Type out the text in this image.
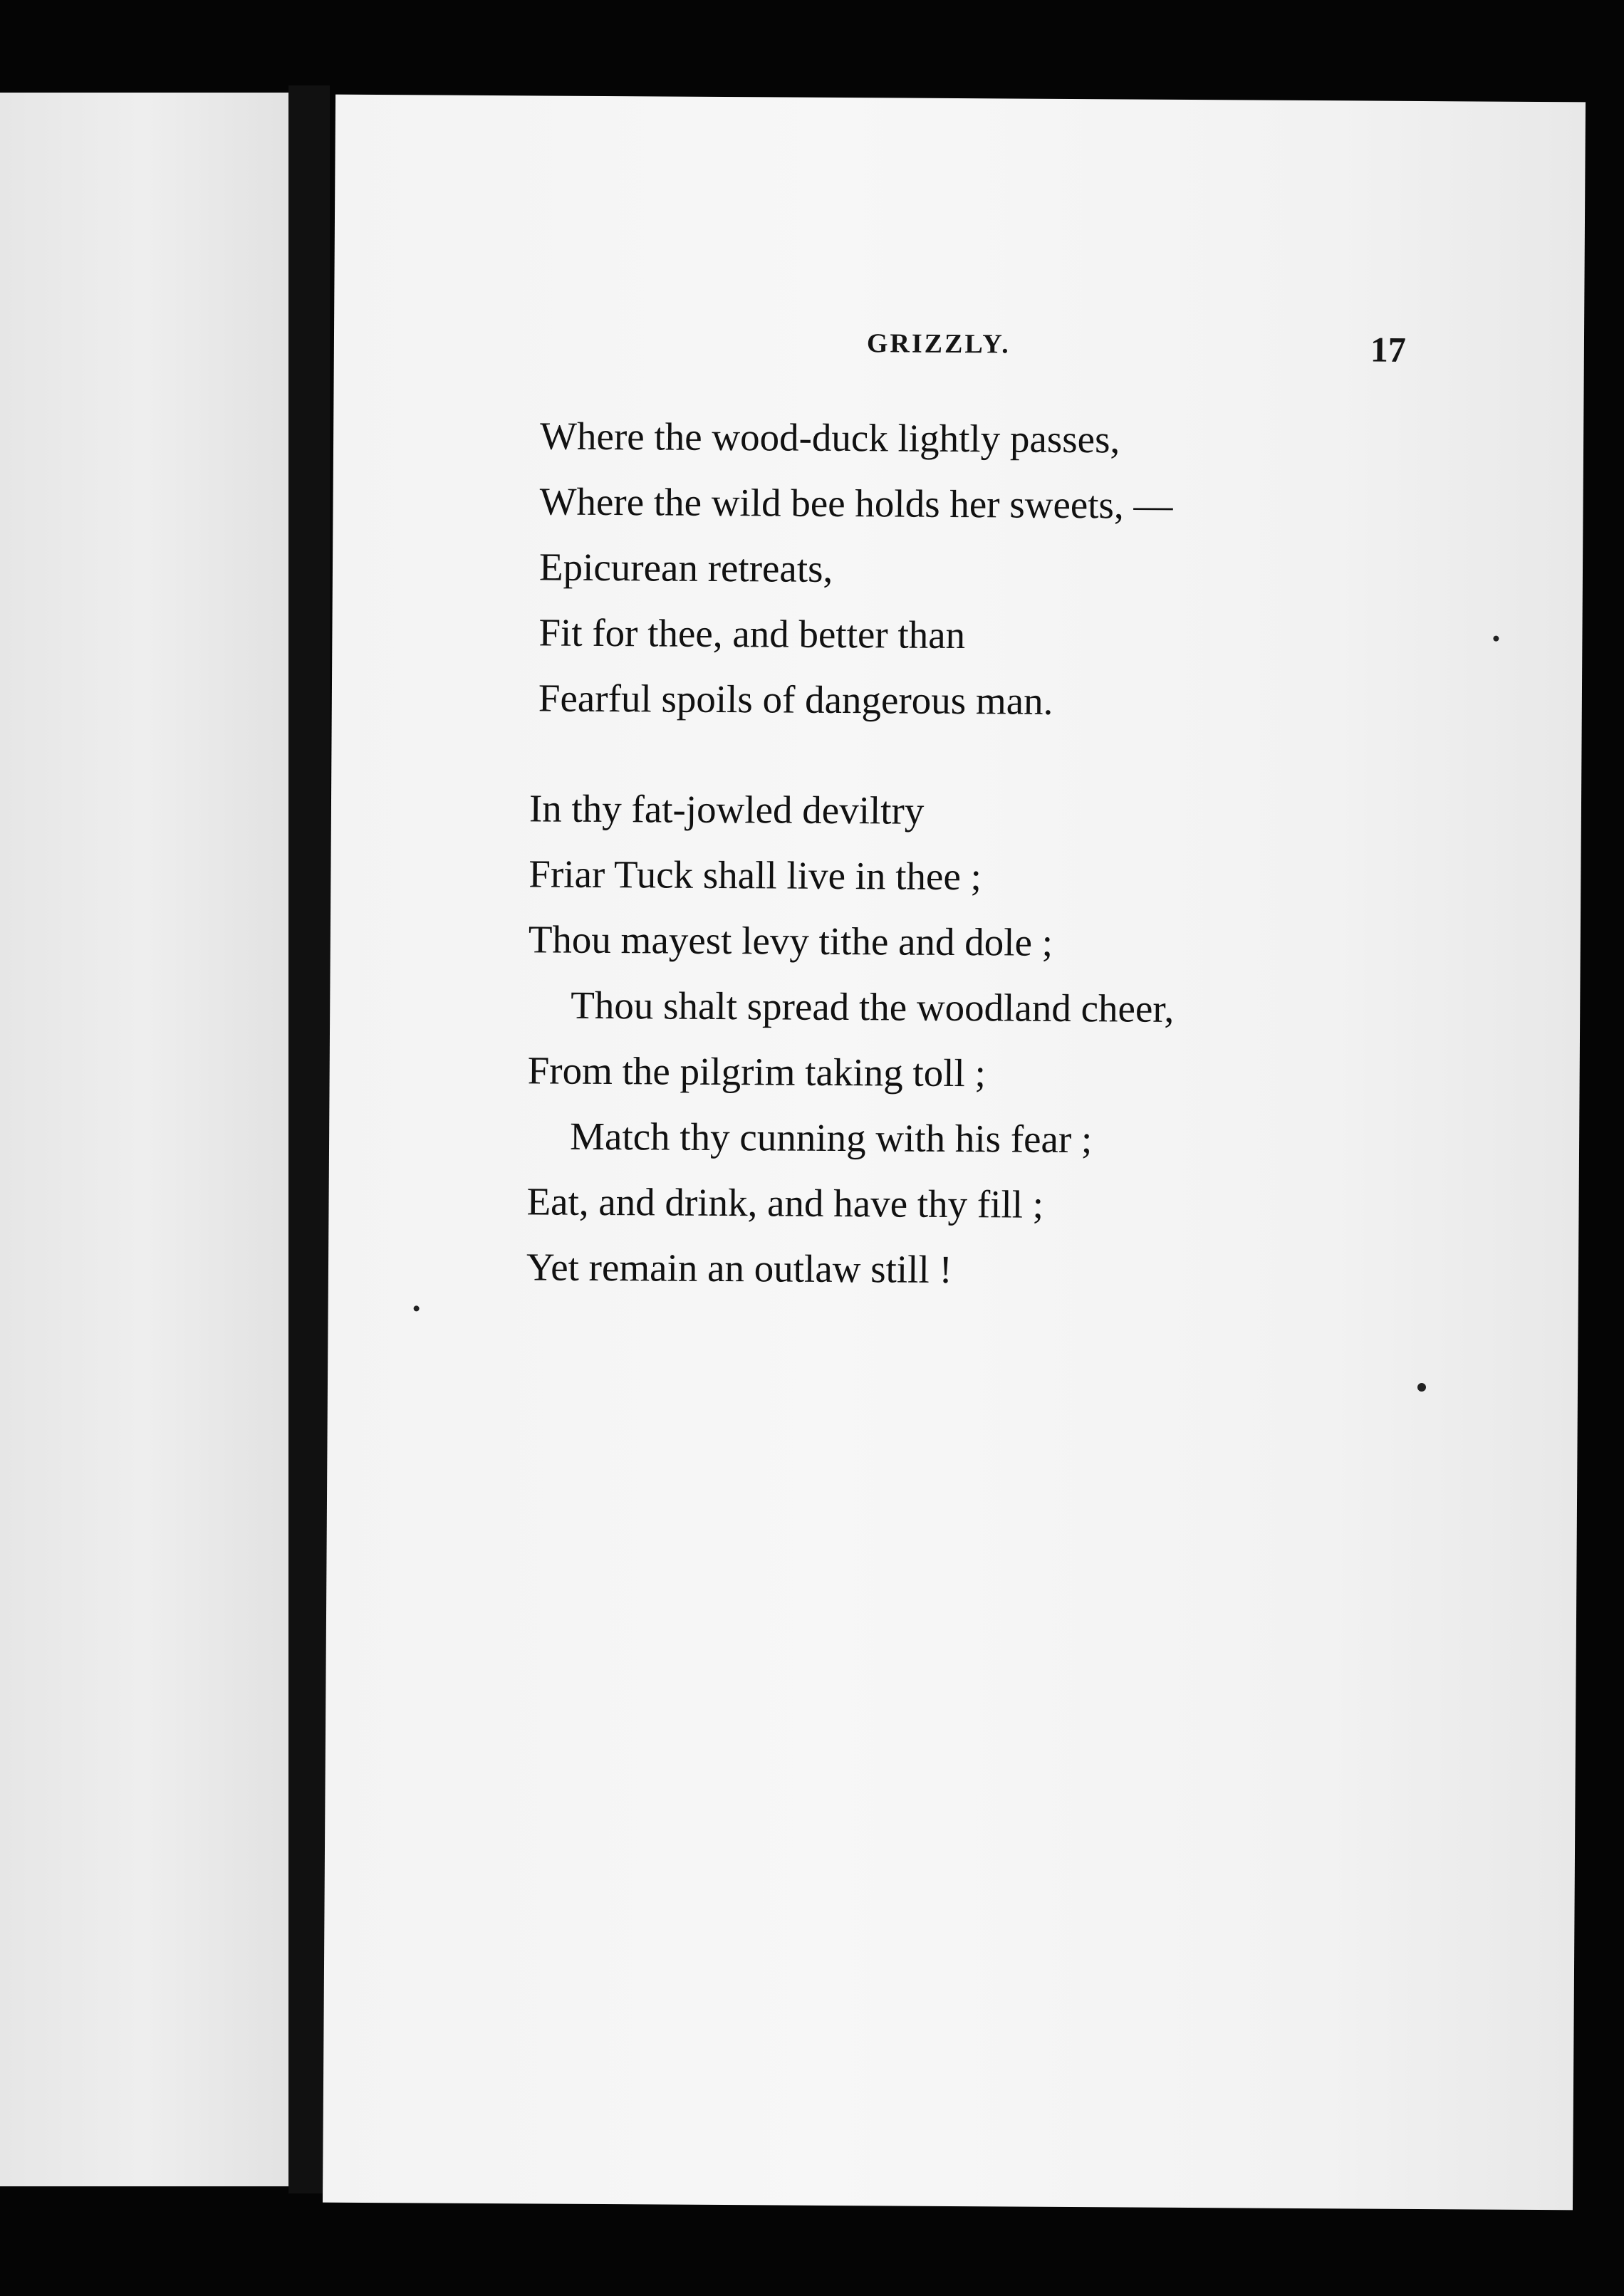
GRIZZLY.	17
Where the wood-duck lightly passes,
Where the wild bee holds her sweets, —
Epicurean retreats,
Fit for thee, and better than
Fearful spoils of dangerous man.
In thy fat-jowled deviltry
Friar Tuck shall live in thee ;
Thou mayest levy tithe and dole ;
Thou shalt spread the woodland cheer,
From the pilgrim taking toll ;
Match thy cunning with his fear ;
Eat, and drink, and have thy fill ;
Yet remain an outlaw still !
